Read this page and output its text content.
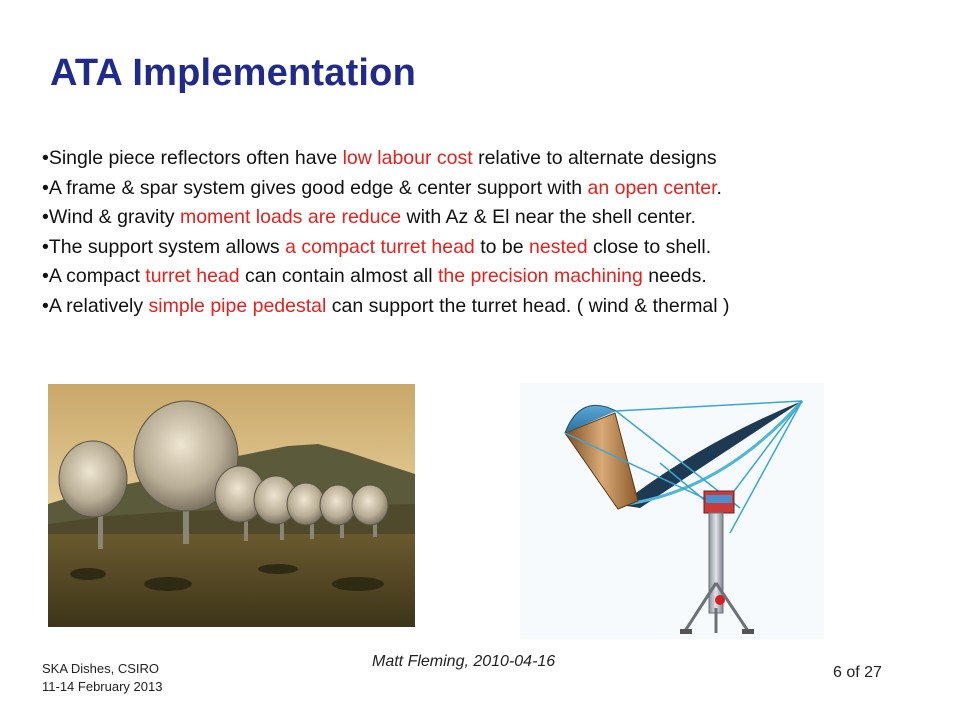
ATA Implementation
•Single piece reflectors often have low labour cost relative to alternate designs
•A frame & spar system gives good edge & center support with an open center.
•Wind & gravity moment loads are reduce with Az & El near the shell center.
•The support system allows a compact turret head to be nested close to shell.
•A compact turret head can contain almost all the precision machining needs.
•A relatively simple pipe pedestal can support the turret head. ( wind & thermal )
SKA Dishes, CSIRO
11-14 February 2013
Matt Fleming, 2010-04-16
6 of 27
